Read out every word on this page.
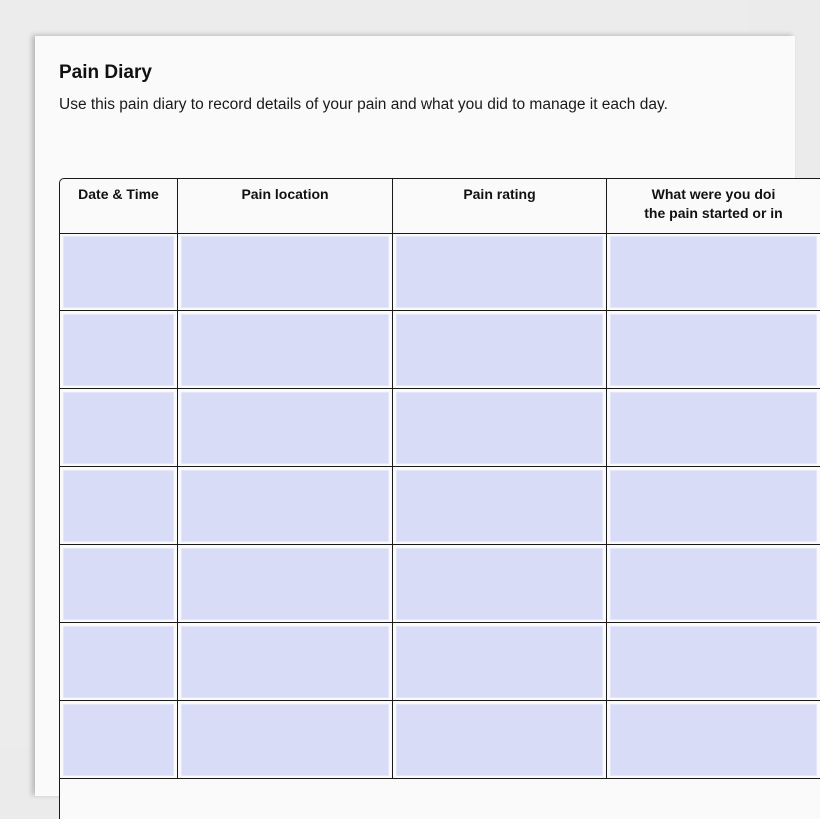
Pain Diary

Use this pain diary to record details of your pain and what you did to manage it each day.

Date & Time	Pain location	Pain rating	What were you doi
the pain started or in
